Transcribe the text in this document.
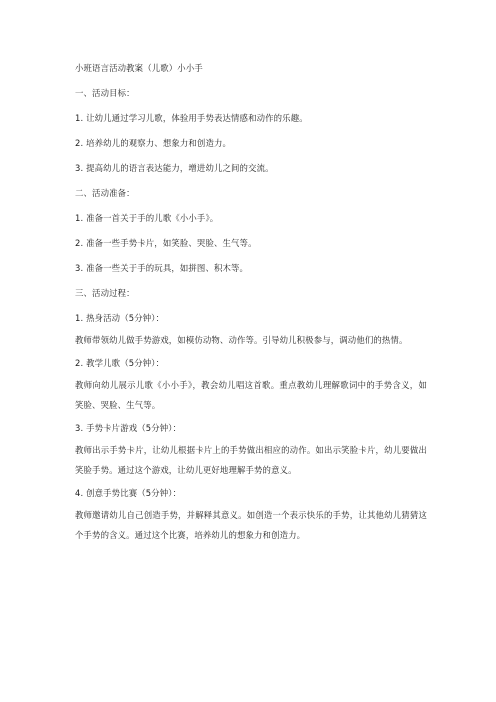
小班语言活动教案（儿歌）小小手
一、活动目标：
1. 让幼儿通过学习儿歌，体验用手势表达情感和动作的乐趣。
2. 培养幼儿的观察力、想象力和创造力。
3. 提高幼儿的语言表达能力，增进幼儿之间的交流。
二、活动准备：
1. 准备一首关于手的儿歌《小小手》。
2. 准备一些手势卡片，如笑脸、哭脸、生气等。
3. 准备一些关于手的玩具，如拼图、积木等。
三、活动过程：
1. 热身活动（5分钟）：
教师带领幼儿做手势游戏，如模仿动物、动作等。引导幼儿积极参与，调动他们的热情。
2. 教学儿歌（5分钟）：
教师向幼儿展示儿歌《小小手》，教会幼儿唱这首歌。重点教幼儿理解歌词中的手势含义，如笑脸、哭脸、生气等。
3. 手势卡片游戏（5分钟）：
教师出示手势卡片，让幼儿根据卡片上的手势做出相应的动作。如出示笑脸卡片，幼儿要做出笑脸手势。通过这个游戏，让幼儿更好地理解手势的意义。
4. 创意手势比赛（5分钟）：
教师邀请幼儿自己创造手势，并解释其意义。如创造一个表示快乐的手势，让其他幼儿猜猜这个手势的含义。通过这个比赛，培养幼儿的想象力和创造力。
